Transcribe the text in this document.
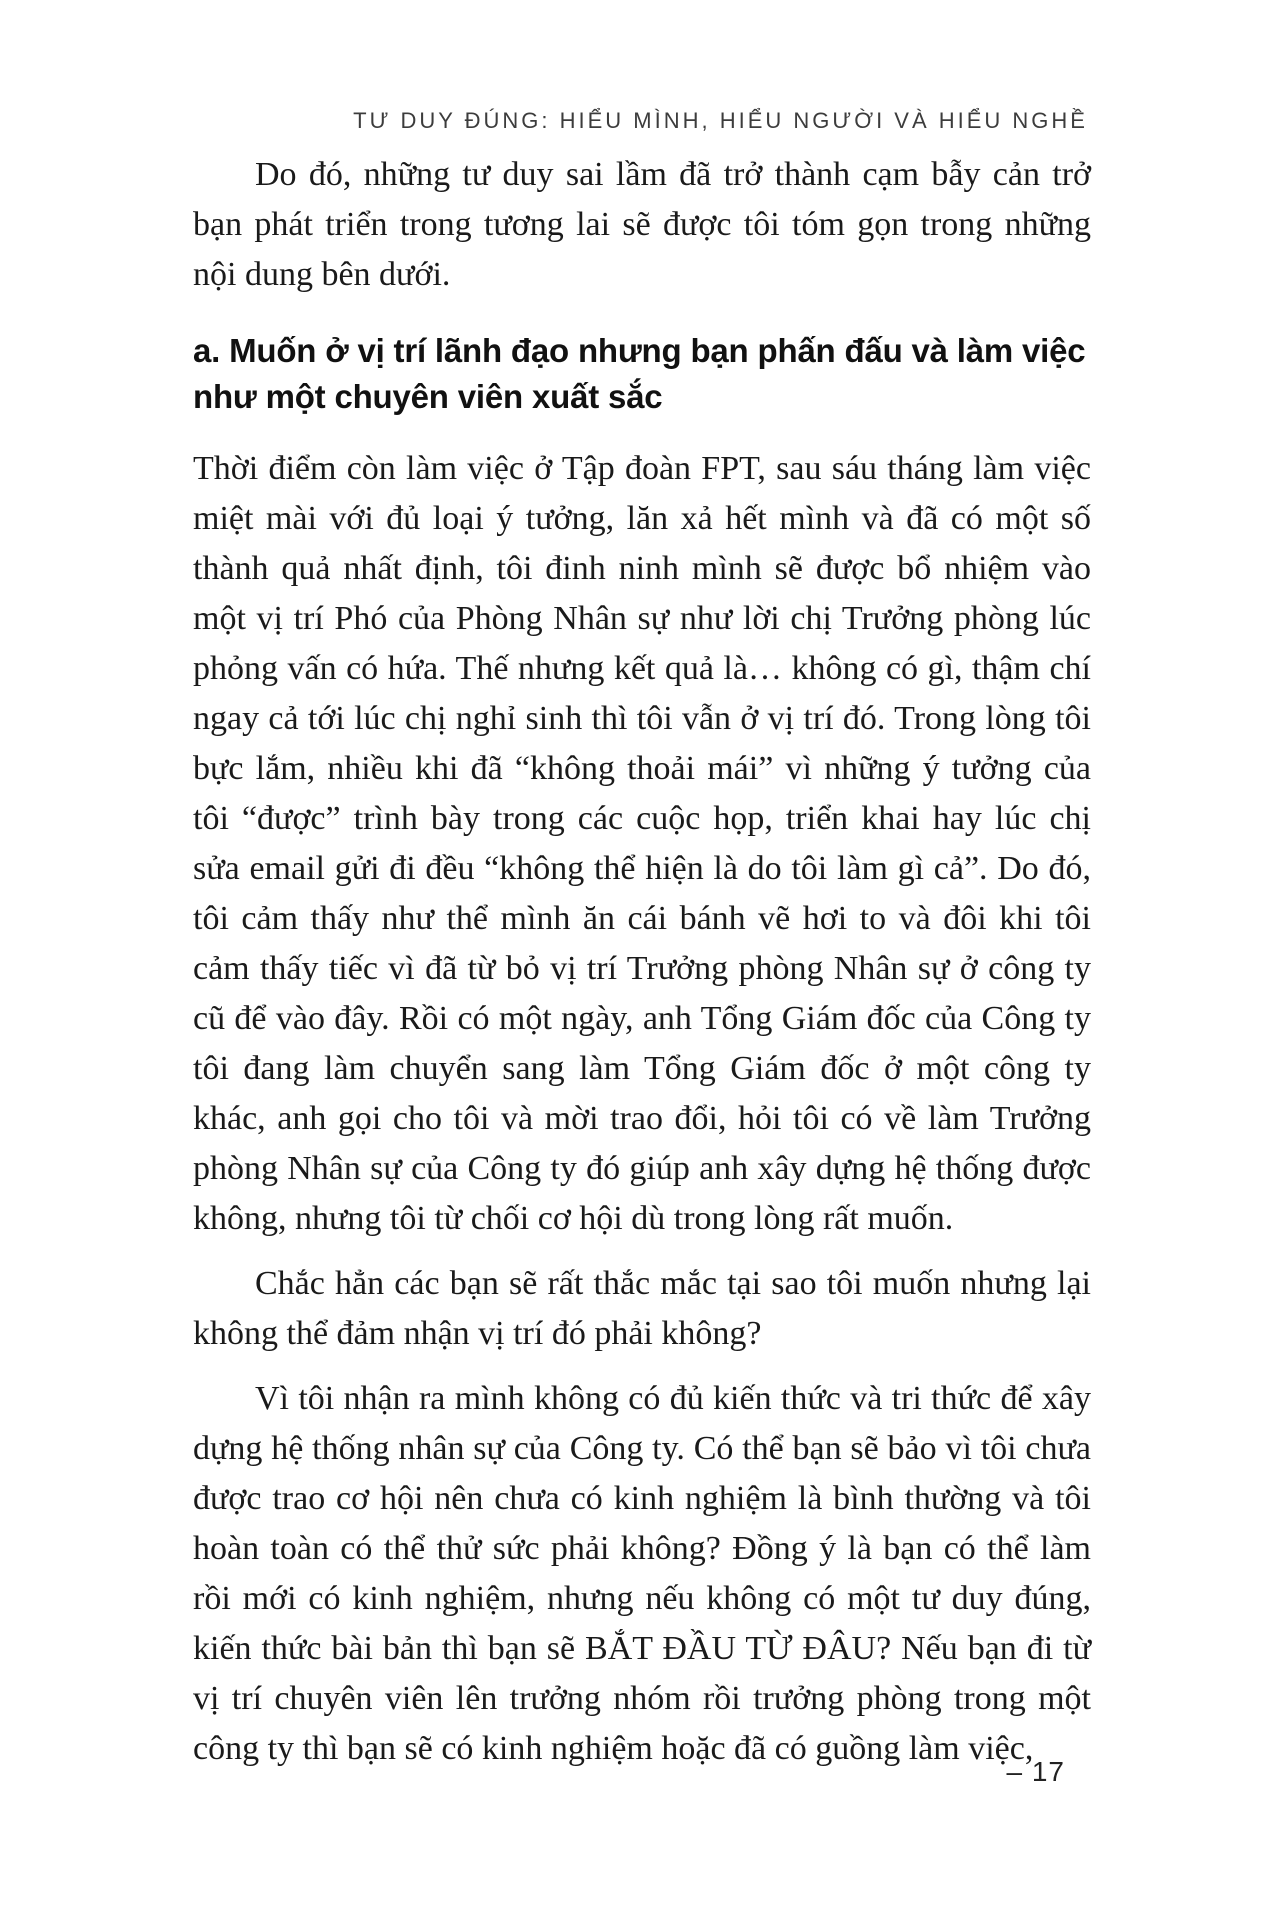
TƯ DUY ĐÚNG: HIỂU MÌNH, HIỂU NGƯỜI VÀ HIỂU NGHỀ

Do đó, những tư duy sai lầm đã trở thành cạm bẫy cản trở bạn phát triển trong tương lai sẽ được tôi tóm gọn trong những nội dung bên dưới.

a. Muốn ở vị trí lãnh đạo nhưng bạn phấn đấu và làm việc như một chuyên viên xuất sắc

Thời điểm còn làm việc ở Tập đoàn FPT, sau sáu tháng làm việc miệt mài với đủ loại ý tưởng, lăn xả hết mình và đã có một số thành quả nhất định, tôi đinh ninh mình sẽ được bổ nhiệm vào một vị trí Phó của Phòng Nhân sự như lời chị Trưởng phòng lúc phỏng vấn có hứa. Thế nhưng kết quả là… không có gì, thậm chí ngay cả tới lúc chị nghỉ sinh thì tôi vẫn ở vị trí đó. Trong lòng tôi bực lắm, nhiều khi đã “không thoải mái” vì những ý tưởng của tôi “được” trình bày trong các cuộc họp, triển khai hay lúc chị sửa email gửi đi đều “không thể hiện là do tôi làm gì cả”. Do đó, tôi cảm thấy như thể mình ăn cái bánh vẽ hơi to và đôi khi tôi cảm thấy tiếc vì đã từ bỏ vị trí Trưởng phòng Nhân sự ở công ty cũ để vào đây. Rồi có một ngày, anh Tổng Giám đốc của Công ty tôi đang làm chuyển sang làm Tổng Giám đốc ở một công ty khác, anh gọi cho tôi và mời trao đổi, hỏi tôi có về làm Trưởng phòng Nhân sự của Công ty đó giúp anh xây dựng hệ thống được không, nhưng tôi từ chối cơ hội dù trong lòng rất muốn.

Chắc hẳn các bạn sẽ rất thắc mắc tại sao tôi muốn nhưng lại không thể đảm nhận vị trí đó phải không?

Vì tôi nhận ra mình không có đủ kiến thức và tri thức để xây dựng hệ thống nhân sự của Công ty. Có thể bạn sẽ bảo vì tôi chưa được trao cơ hội nên chưa có kinh nghiệm là bình thường và tôi hoàn toàn có thể thử sức phải không? Đồng ý là bạn có thể làm rồi mới có kinh nghiệm, nhưng nếu không có một tư duy đúng, kiến thức bài bản thì bạn sẽ BẮT ĐẦU TỪ ĐÂU? Nếu bạn đi từ vị trí chuyên viên lên trưởng nhóm rồi trưởng phòng trong một công ty thì bạn sẽ có kinh nghiệm hoặc đã có guồng làm việc,

– 17
